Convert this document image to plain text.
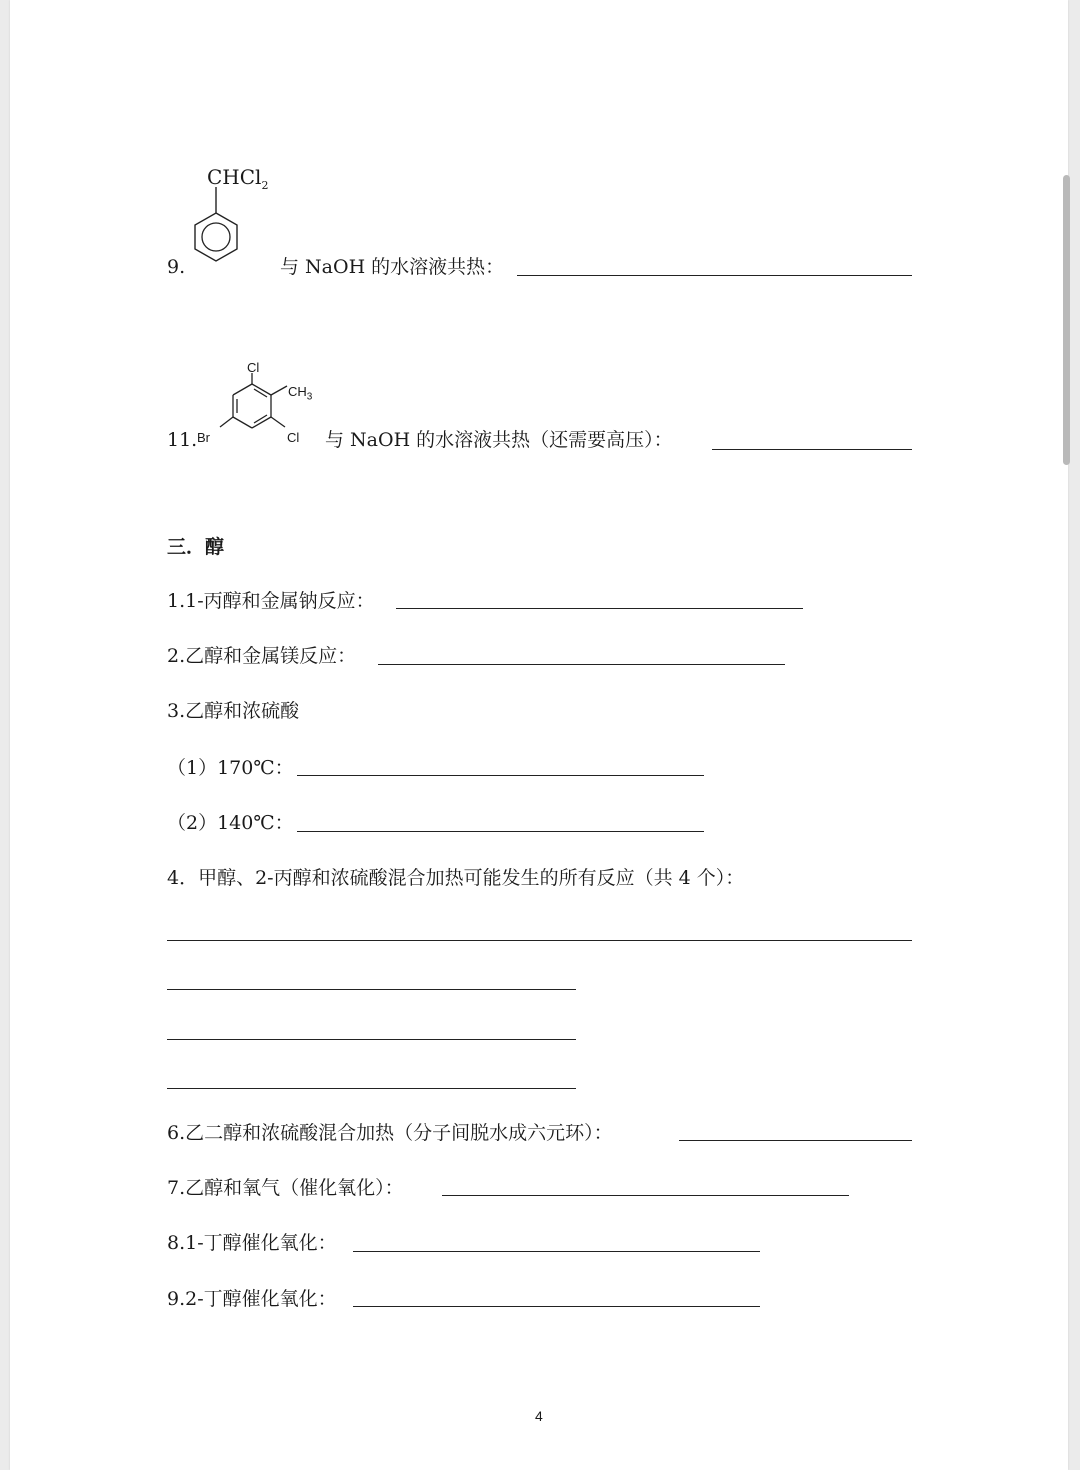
9.
CHCl$_2$
与 NaOH 的水溶液共热：
11.
Cl
$CH_3$
Br	Cl 与 NaOH 的水溶液共热（还需要高压）：
三．醇
1.1-丙醇和金属钠反应：
2.乙醇和金属镁反应：
3.乙醇和浓硫酸
（1）170℃：
（2）140℃：
4．甲醇、2-丙醇和浓硫酸混合加热可能发生的所有反应（共 4 个）：
6.乙二醇和浓硫酸混合加热（分子间脱水成六元环）：
7.乙醇和氧气（催化氧化）：
8.1-丁醇催化氧化：
9.2-丁醇催化氧化：
4
